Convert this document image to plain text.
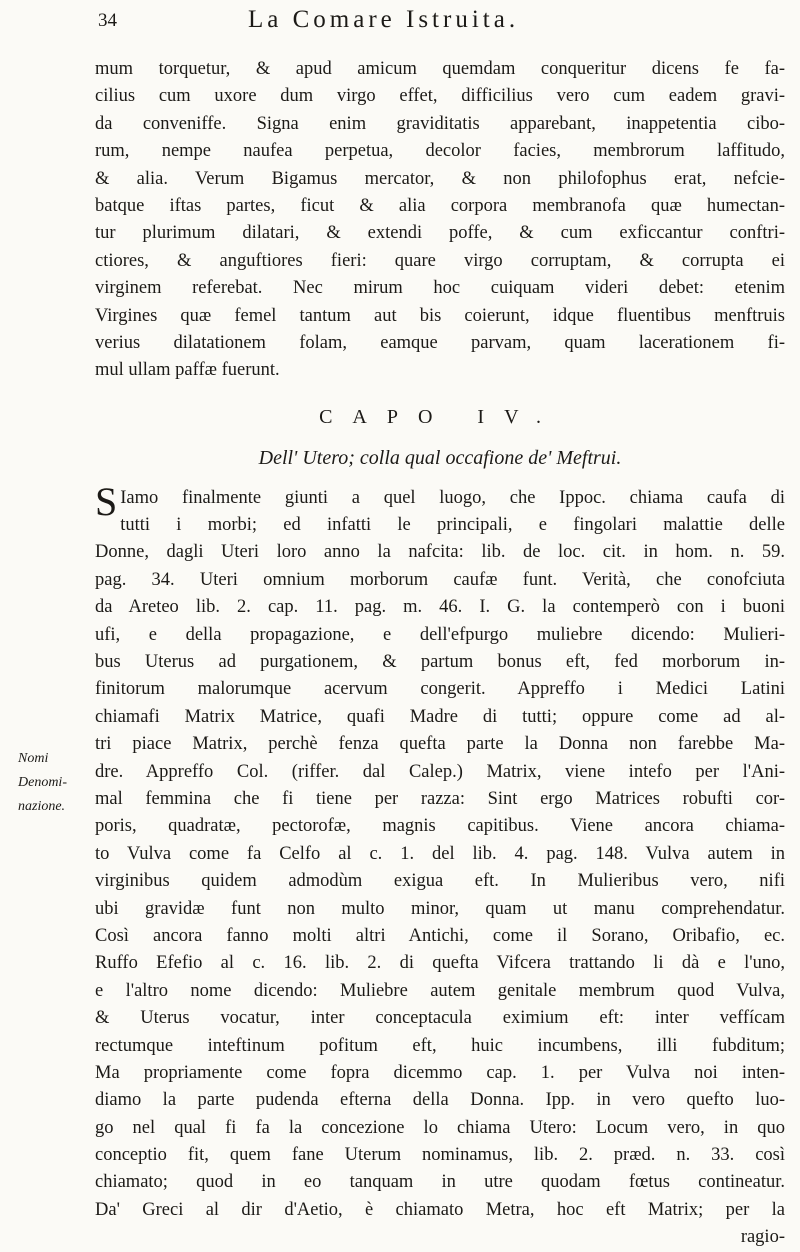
34	La Comare Istruita.
mum torquetur, & apud amicum quemdam conqueritur dicens fe fa-
cilius cum uxore dum virgo effet, difficilius vero cum eadem gravi-
da conveniffe. Signa enim graviditatis apparebant, inappetentia cibo-
rum, nempe naufea perpetua, decolor facies, membrorum laffitudo,
& alia. Verum Bigamus mercator, & non philofophus erat, nefcie-
batque iftas partes, ficut & alia corpora membranofa quæ humectan-
tur plurimum dilatari, & extendi poffe, & cum exficcantur conftri-
ctiores, & anguftiores fieri: quare virgo corruptam, & corrupta ei
virginem referebat. Nec mirum hoc cuiquam videri debet: etenim
Virgines quæ femel tantum aut bis coierunt, idque fluentibus menftruis
verius dilatationem folam, eamque parvam, quam lacerationem fi-
mul ullam paffæ fuerunt.
CAPO IV.
Dell' Utero; colla qual occafione de' Meftrui.
S Iamo finalmente giunti a quel luogo, che Ippoc. chiama caufa di
tutti i morbi; ed infatti le principali, e fingolari malattie delle
Donne, dagli Uteri loro anno la nafcita: lib. de loc. cit. in hom. n. 59.
pag. 34. Uteri omnium morborum caufæ funt. Verità, che conofciuta
da Areteo lib. 2. cap. 11. pag. m. 46. I. G. la contemperò con i buoni
ufi, e della propagazione, e dell'efpurgo muliebre dicendo: Mulieri-
bus Uterus ad purgationem, & partum bonus eft, fed morborum in-
finitorum malorumque acervum congerit. Appreffo i Medici Latini
chiamafi Matrix Matrice, quafi Madre di tutti; oppure come ad al-
tri piace Matrix, perchè fenza quefta parte la Donna non farebbe Ma-
dre. Appreffo Col. (riffer. dal Calep.) Matrix, viene intefo per l'Ani-
mal femmina che fi tiene per razza: Sint ergo Matrices robufti cor-
poris, quadratæ, pectorofæ, magnis capitibus. Viene ancora chiama-
to Vulva come fa Celfo al c. 1. del lib. 4. pag. 148. Vulva autem in
virginibus quidem admodùm exigua eft. In Mulieribus vero, nifi
ubi gravidæ funt non multo minor, quam ut manu comprehendatur.
Così ancora fanno molti altri Antichi, come il Sorano, Oribafio, ec.
Ruffo Efefio al c. 16. lib. 2. di quefta Vifcera trattando li dà e l'uno,
e l'altro nome dicendo: Muliebre autem genitale membrum quod Vulva,
& Uterus vocatur, inter conceptacula eximium eft: inter veffícam
rectumque inteftinum pofitum eft, huic incumbens, illi fubditum;
Ma propriamente come fopra dicemmo cap. 1. per Vulva noi inten-
diamo la parte pudenda efterna della Donna. Ipp. in vero quefto luo-
go nel qual fi fa la concezione lo chiama Utero: Locum vero, in quo
conceptio fit, quem fane Uterum nominamus, lib. 2. præd. n. 33. così
chiamato; quod in eo tanquam in utre quodam fœtus contineatur.
Da' Greci al dir d'Aetio, è chiamato Metra, hoc eft Matrix; per la
ragio-
Nomi
Denomi-
nazione.
